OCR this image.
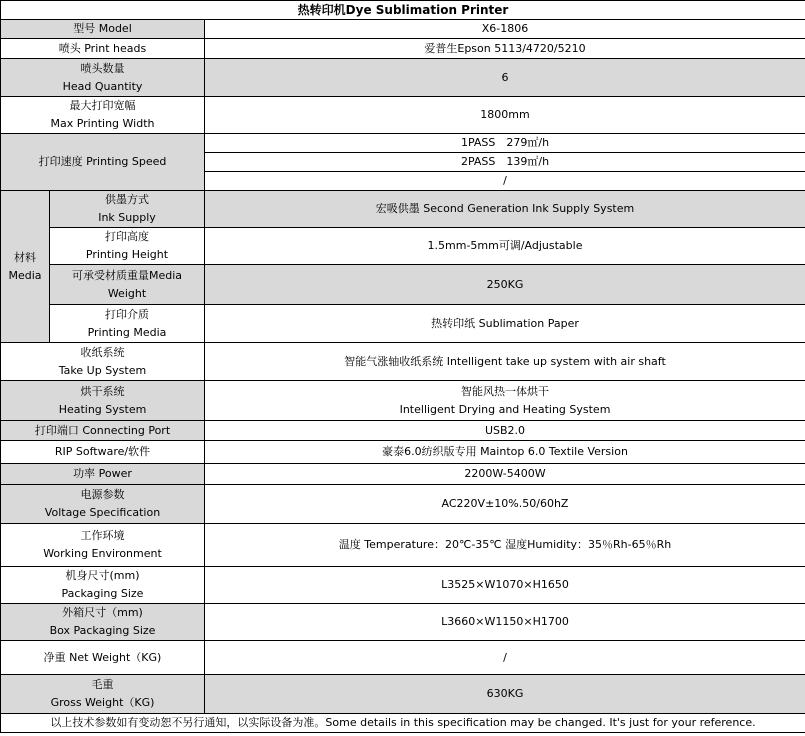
热转印机Dye Sublimation Printer		
型号 Model		X6-1806
喷头 Print heads		爱普生Epson 5113/4720/5210

喷头数量
Head Quantity		6

最大打印宽幅
Max Printing Width		1800mm
打印速度 Printing Speed		1PASS　279㎡/h
		2PASS　139㎡/h
		/

材料
Media	供墨方式
Ink Supply	宏吸供墨 Second Generation Ink Supply System

	打印高度
Printing Height	1.5mm-5mm可调/Adjustable

	可承受材质重量Media
Weight	250KG

	打印介质
Printing Media	热转印纸 Sublimation Paper

收纸系统
Take Up System		智能气涨轴收纸系统 Intelligent take up system with air shaft

烘干系统
Heating System		智能风热一体烘干
Intelligent Drying and Heating System

打印端口 Connecting Port		USB2.0
RIP Software/软件		豪泰6.0纺织版专用 Maintop 6.0 Textile Version
功率 Power		2200W-5400W

电源参数
Voltage Specification		AC220V±10%.50/60hZ

工作环境
Working Environment		温度 Temperature：20℃-35℃ 湿度Humidity：35％Rh-65％Rh

机身尺寸(mm)
Packaging Size		L3525×W1070×H1650

外箱尺寸（mm)
Box Packaging Size		L3660×W1150×H1700
净重 Net Weight（KG)		/

毛重
Gross Weight（KG)		630KG
以上技术参数如有变动恕不另行通知，以实际设备为准。Some details in this specification may be changed. It's just for your reference.		
